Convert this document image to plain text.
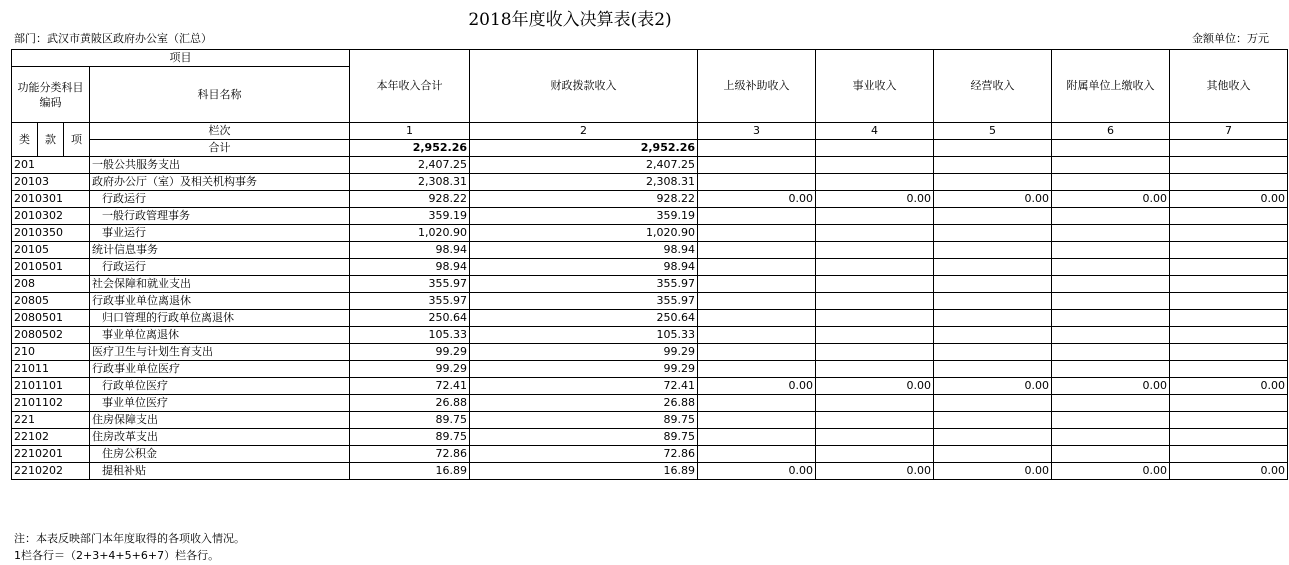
2018年度收入决算表(表2)
部门：武汉市黄陂区政府办公室（汇总）	金额单位：万元
项目				本年收入合计	财政拨款收入	上级补助收入	事业收入	经营收入	附属单位上缴收入	其他收入
功能分类科目编码			科目名称							

类	款	项	栏次	1	2	3	4	5	6	7
			合计	2,952.26	2,952.26					
201			一般公共服务支出	2,407.25	2,407.25					
20103			政府办公厅（室）及相关机构事务	2,308.31	2,308.31					
2010301			行政运行	928.22	928.22	0.00	0.00	0.00	0.00	0.00
2010302			一般行政管理事务	359.19	359.19					
2010350			事业运行	1,020.90	1,020.90					
20105			统计信息事务	98.94	98.94					
2010501			行政运行	98.94	98.94					
208			社会保障和就业支出	355.97	355.97					
20805			行政事业单位离退休	355.97	355.97					
2080501			归口管理的行政单位离退休	250.64	250.64					
2080502			事业单位离退休	105.33	105.33					
210			医疗卫生与计划生育支出	99.29	99.29					
21011			行政事业单位医疗	99.29	99.29					
2101101			行政单位医疗	72.41	72.41	0.00	0.00	0.00	0.00	0.00
2101102			事业单位医疗	26.88	26.88					
221			住房保障支出	89.75	89.75					
22102			住房改革支出	89.75	89.75					
2210201			住房公积金	72.86	72.86					
2210202			提租补贴	16.89	16.89	0.00	0.00	0.00	0.00	0.00
注：本表反映部门本年度取得的各项收入情况。
1栏各行＝（2+3+4+5+6+7）栏各行。
